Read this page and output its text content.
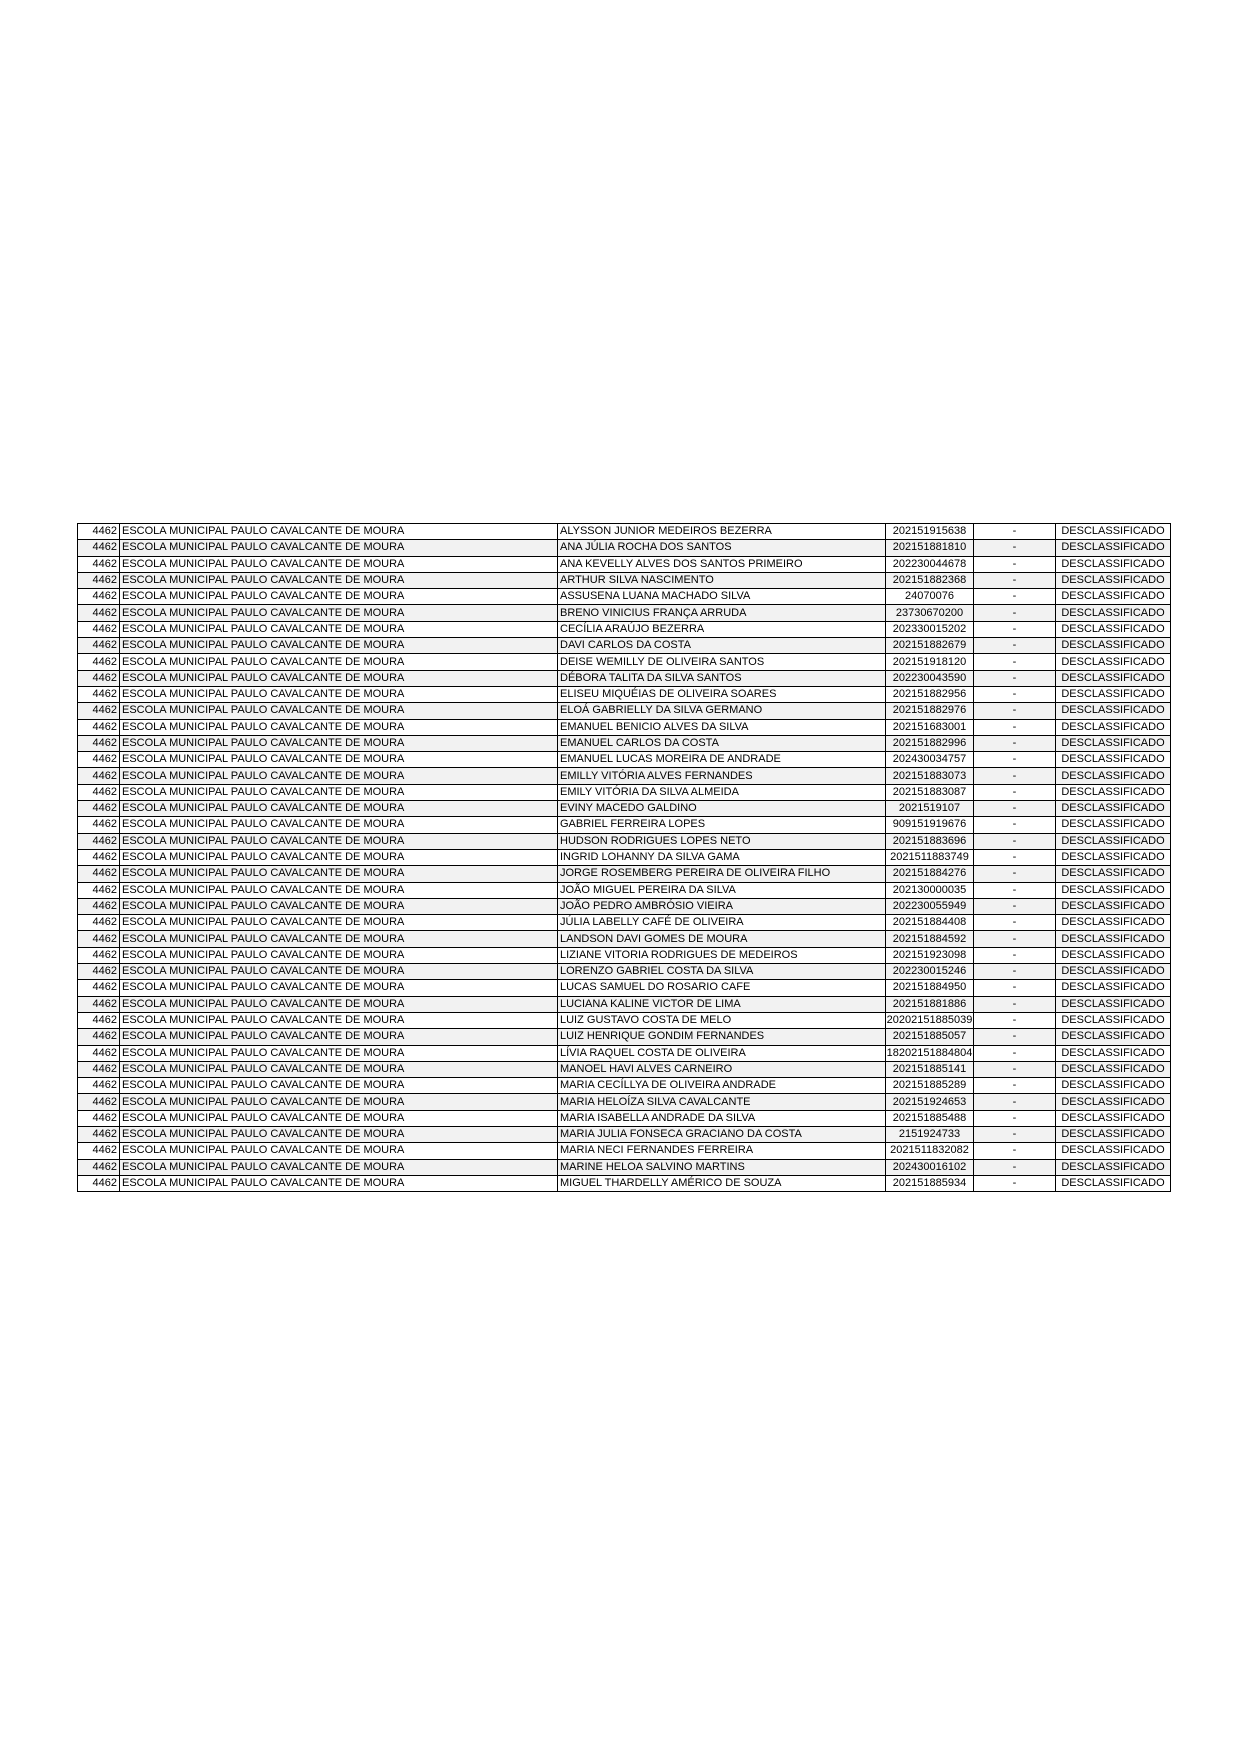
4462	ESCOLA MUNICIPAL PAULO CAVALCANTE DE MOURA	ALYSSON JUNIOR MEDEIROS BEZERRA	202151915638	-	DESCLASSIFICADO
4462	ESCOLA MUNICIPAL PAULO CAVALCANTE DE MOURA	ANA JÚLIA ROCHA DOS SANTOS	202151881810	-	DESCLASSIFICADO
4462	ESCOLA MUNICIPAL PAULO CAVALCANTE DE MOURA	ANA KEVELLY ALVES DOS SANTOS PRIMEIRO	202230044678	-	DESCLASSIFICADO
4462	ESCOLA MUNICIPAL PAULO CAVALCANTE DE MOURA	ARTHUR SILVA NASCIMENTO	202151882368	-	DESCLASSIFICADO
4462	ESCOLA MUNICIPAL PAULO CAVALCANTE DE MOURA	ASSUSENA LUANA MACHADO SILVA	24070076	-	DESCLASSIFICADO
4462	ESCOLA MUNICIPAL PAULO CAVALCANTE DE MOURA	BRENO VINICIUS FRANÇA ARRUDA	23730670200	-	DESCLASSIFICADO
4462	ESCOLA MUNICIPAL PAULO CAVALCANTE DE MOURA	CECÍLIA ARAÚJO BEZERRA	202330015202	-	DESCLASSIFICADO
4462	ESCOLA MUNICIPAL PAULO CAVALCANTE DE MOURA	DAVI CARLOS DA COSTA	202151882679	-	DESCLASSIFICADO
4462	ESCOLA MUNICIPAL PAULO CAVALCANTE DE MOURA	DEISE WEMILLY DE OLIVEIRA SANTOS	202151918120	-	DESCLASSIFICADO
4462	ESCOLA MUNICIPAL PAULO CAVALCANTE DE MOURA	DÉBORA TALITA DA SILVA SANTOS	202230043590	-	DESCLASSIFICADO
4462	ESCOLA MUNICIPAL PAULO CAVALCANTE DE MOURA	ELISEU MIQUÉIAS DE OLIVEIRA SOARES	202151882956	-	DESCLASSIFICADO
4462	ESCOLA MUNICIPAL PAULO CAVALCANTE DE MOURA	ELOÁ GABRIELLY DA SILVA GERMANO	202151882976	-	DESCLASSIFICADO
4462	ESCOLA MUNICIPAL PAULO CAVALCANTE DE MOURA	EMANUEL BENICIO ALVES DA SILVA	202151683001	-	DESCLASSIFICADO
4462	ESCOLA MUNICIPAL PAULO CAVALCANTE DE MOURA	EMANUEL CARLOS DA COSTA	202151882996	-	DESCLASSIFICADO
4462	ESCOLA MUNICIPAL PAULO CAVALCANTE DE MOURA	EMANUEL LUCAS MOREIRA DE ANDRADE	202430034757	-	DESCLASSIFICADO
4462	ESCOLA MUNICIPAL PAULO CAVALCANTE DE MOURA	EMILLY VITÓRIA ALVES FERNANDES	202151883073	-	DESCLASSIFICADO
4462	ESCOLA MUNICIPAL PAULO CAVALCANTE DE MOURA	EMILY VITÓRIA DA SILVA ALMEIDA	202151883087	-	DESCLASSIFICADO
4462	ESCOLA MUNICIPAL PAULO CAVALCANTE DE MOURA	EVINY MACEDO GALDINO	2021519107	-	DESCLASSIFICADO
4462	ESCOLA MUNICIPAL PAULO CAVALCANTE DE MOURA	GABRIEL FERREIRA LOPES	909151919676	-	DESCLASSIFICADO
4462	ESCOLA MUNICIPAL PAULO CAVALCANTE DE MOURA	HUDSON RODRIGUES LOPES NETO	202151883696	-	DESCLASSIFICADO
4462	ESCOLA MUNICIPAL PAULO CAVALCANTE DE MOURA	INGRID LOHANNY DA SILVA GAMA	2021511883749	-	DESCLASSIFICADO
4462	ESCOLA MUNICIPAL PAULO CAVALCANTE DE MOURA	JORGE ROSEMBERG PEREIRA DE OLIVEIRA FILHO	202151884276	-	DESCLASSIFICADO
4462	ESCOLA MUNICIPAL PAULO CAVALCANTE DE MOURA	JOÃO MIGUEL PEREIRA DA SILVA	202130000035	-	DESCLASSIFICADO
4462	ESCOLA MUNICIPAL PAULO CAVALCANTE DE MOURA	JOÃO PEDRO AMBRÓSIO VIEIRA	202230055949	-	DESCLASSIFICADO
4462	ESCOLA MUNICIPAL PAULO CAVALCANTE DE MOURA	JÚLIA LABELLY CAFÉ DE OLIVEIRA	202151884408	-	DESCLASSIFICADO
4462	ESCOLA MUNICIPAL PAULO CAVALCANTE DE MOURA	LANDSON DAVI GOMES DE MOURA	202151884592	-	DESCLASSIFICADO
4462	ESCOLA MUNICIPAL PAULO CAVALCANTE DE MOURA	LIZIANE VITORIA RODRIGUES DE MEDEIROS	202151923098	-	DESCLASSIFICADO
4462	ESCOLA MUNICIPAL PAULO CAVALCANTE DE MOURA	LORENZO GABRIEL COSTA DA SILVA	202230015246	-	DESCLASSIFICADO
4462	ESCOLA MUNICIPAL PAULO CAVALCANTE DE MOURA	LUCAS SAMUEL DO ROSARIO CAFE	202151884950	-	DESCLASSIFICADO
4462	ESCOLA MUNICIPAL PAULO CAVALCANTE DE MOURA	LUCIANA KALINE VICTOR DE LIMA	202151881886	-	DESCLASSIFICADO
4462	ESCOLA MUNICIPAL PAULO CAVALCANTE DE MOURA	LUIZ GUSTAVO COSTA DE MELO	20202151885039	-	DESCLASSIFICADO
4462	ESCOLA MUNICIPAL PAULO CAVALCANTE DE MOURA	LUIZ HENRIQUE GONDIM FERNANDES	202151885057	-	DESCLASSIFICADO
4462	ESCOLA MUNICIPAL PAULO CAVALCANTE DE MOURA	LÍVIA RAQUEL COSTA DE OLIVEIRA	18202151884804	-	DESCLASSIFICADO
4462	ESCOLA MUNICIPAL PAULO CAVALCANTE DE MOURA	MANOEL HAVI ALVES CARNEIRO	202151885141	-	DESCLASSIFICADO
4462	ESCOLA MUNICIPAL PAULO CAVALCANTE DE MOURA	MARIA CECÍLLYA DE OLIVEIRA ANDRADE	202151885289	-	DESCLASSIFICADO
4462	ESCOLA MUNICIPAL PAULO CAVALCANTE DE MOURA	MARIA HELOÍZA SILVA CAVALCANTE	202151924653	-	DESCLASSIFICADO
4462	ESCOLA MUNICIPAL PAULO CAVALCANTE DE MOURA	MARIA ISABELLA ANDRADE DA SILVA	202151885488	-	DESCLASSIFICADO
4462	ESCOLA MUNICIPAL PAULO CAVALCANTE DE MOURA	MARIA JULIA FONSECA GRACIANO DA COSTA	2151924733	-	DESCLASSIFICADO
4462	ESCOLA MUNICIPAL PAULO CAVALCANTE DE MOURA	MARIA NECI FERNANDES FERREIRA	2021511832082	-	DESCLASSIFICADO
4462	ESCOLA MUNICIPAL PAULO CAVALCANTE DE MOURA	MARINE HELOA SALVINO MARTINS	202430016102	-	DESCLASSIFICADO
4462	ESCOLA MUNICIPAL PAULO CAVALCANTE DE MOURA	MIGUEL THARDELLY AMÉRICO DE SOUZA	202151885934	-	DESCLASSIFICADO
